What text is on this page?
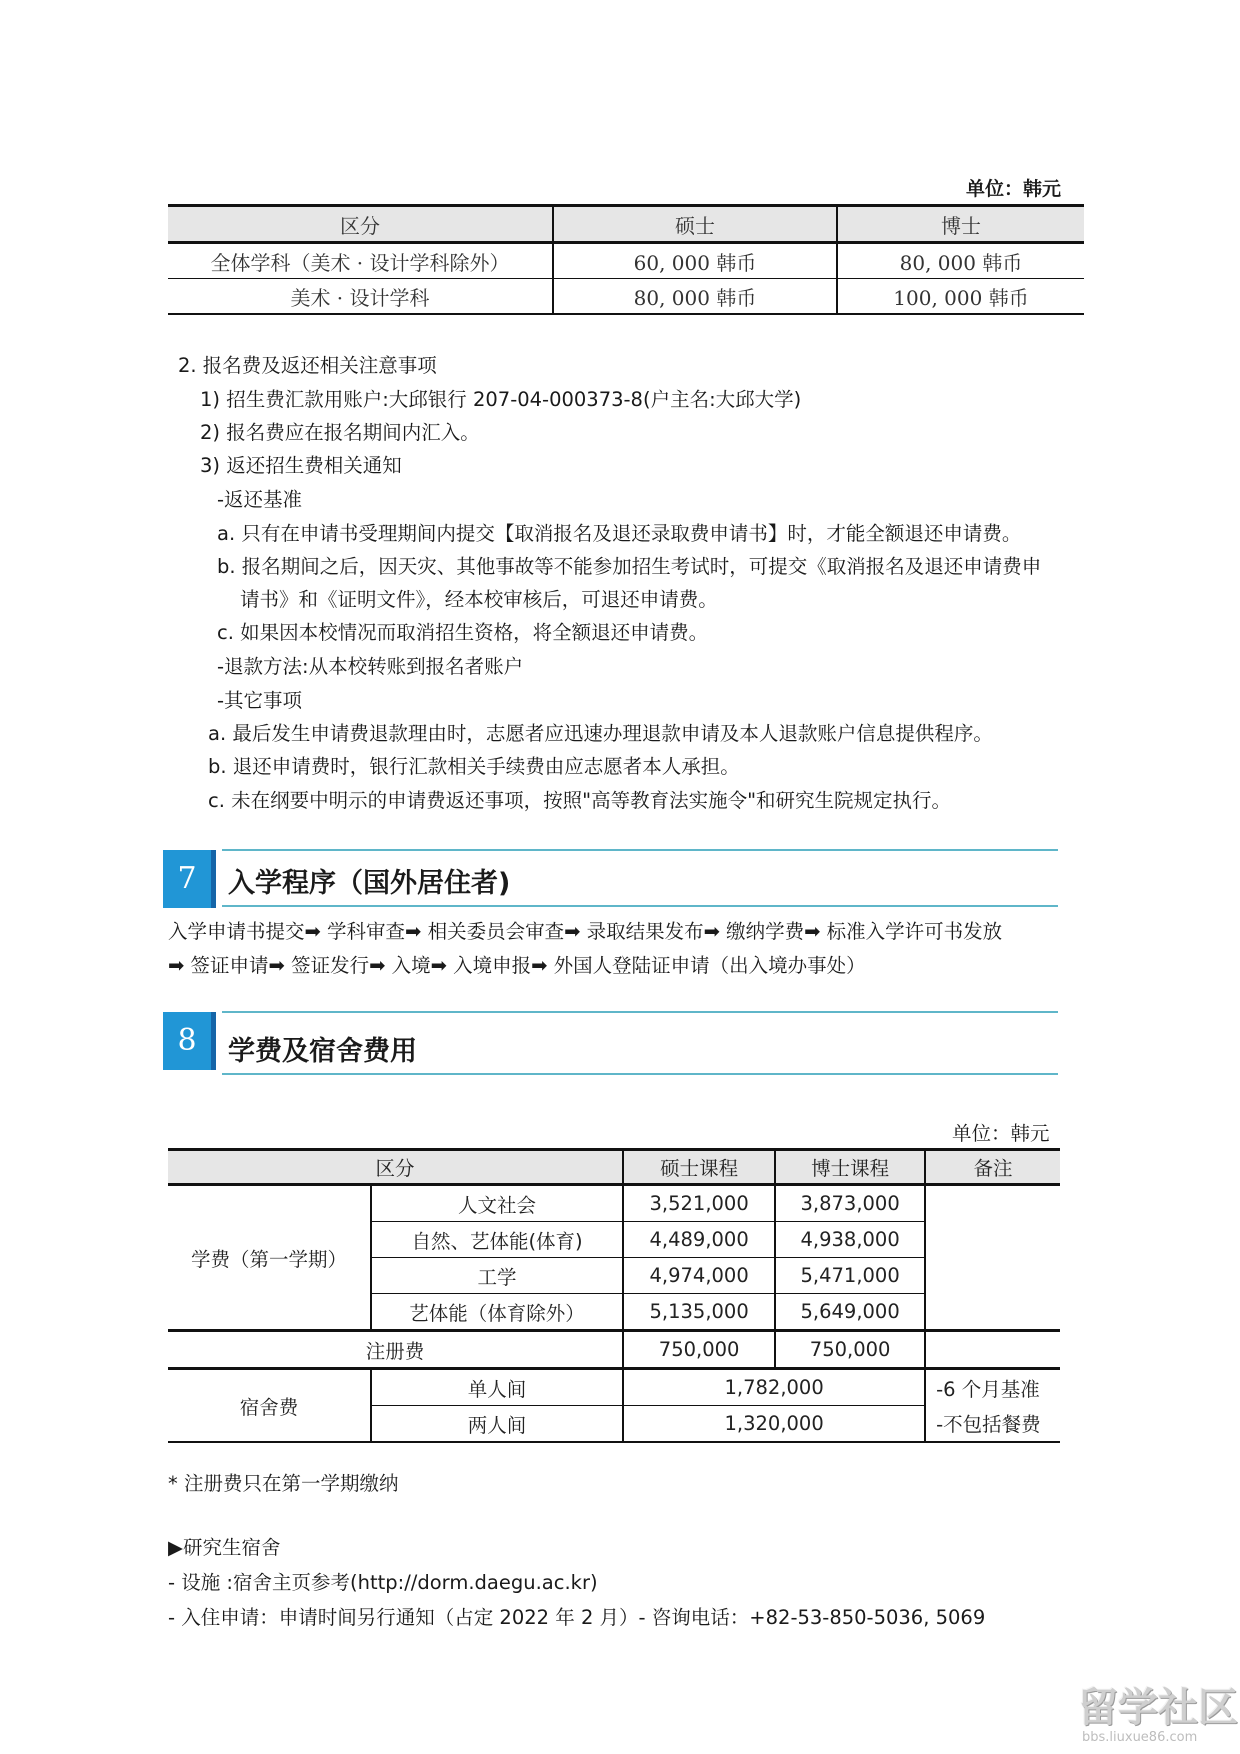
单位：韩元
区分	硕士	博士
全体学科（美术 · 设计学科除外）	60, 000 韩币	80, 000 韩币
美术 · 设计学科	80, 000 韩币	100, 000 韩币
2. 报名费及返还相关注意事项
1) 招生费汇款用账户:大邱银行 207-04-000373-8(户主名:大邱大学)
2) 报名费应在报名期间内汇入。
3) 返还招生费相关通知
-返还基准
a. 只有在申请书受理期间内提交【取消报名及退还录取费申请书】时，才能全额退还申请费。
b. 报名期间之后，因天灾、其他事故等不能参加招生考试时，可提交《取消报名及退还申请费申
请书》和《证明文件》，经本校审核后，可退还申请费。
c. 如果因本校情况而取消招生资格，将全额退还申请费。
-退款方法:从本校转账到报名者账户
-其它事项
a. 最后发生申请费退款理由时，志愿者应迅速办理退款申请及本人退款账户信息提供程序。
b. 退还申请费时，银行汇款相关手续费由应志愿者本人承担。
c. 未在纲要中明示的申请费返还事项，按照"高等教育法实施令"和研究生院规定执行。
7	入学程序（国外居住者)
入学申请书提交➡ 学科审查➡ 相关委员会审查➡ 录取结果发布➡ 缴纳学费➡ 标准入学许可书发放
➡ 签证申请➡ 签证发行➡ 入境➡ 入境申报➡ 外国人登陆证申请（出入境办事处）
8	学费及宿舍费用
单位：韩元
区分		硕士课程	博士课程	备注
学费（第一学期）	人文社会	3,521,000	3,873,000	
	自然、艺体能(体育)	4,489,000	4,938,000	
	工学	4,974,000	5,471,000	
	艺体能（体育除外）	5,135,000	5,649,000	
注册费		750,000	750,000	
宿舍费	单人间	1,782,000		-6 个月基准
	两人间	1,320,000		-不包括餐费
* 注册费只在第一学期缴纳
▶研究生宿舍
- 设施 :宿舍主页参考(http://dorm.daegu.ac.kr)
- 入住申请：申请时间另行通知（占定 2022 年 2 月）- 咨询电话：+82-53-850-5036, 5069
留学社区
bbs.liuxue86.com
